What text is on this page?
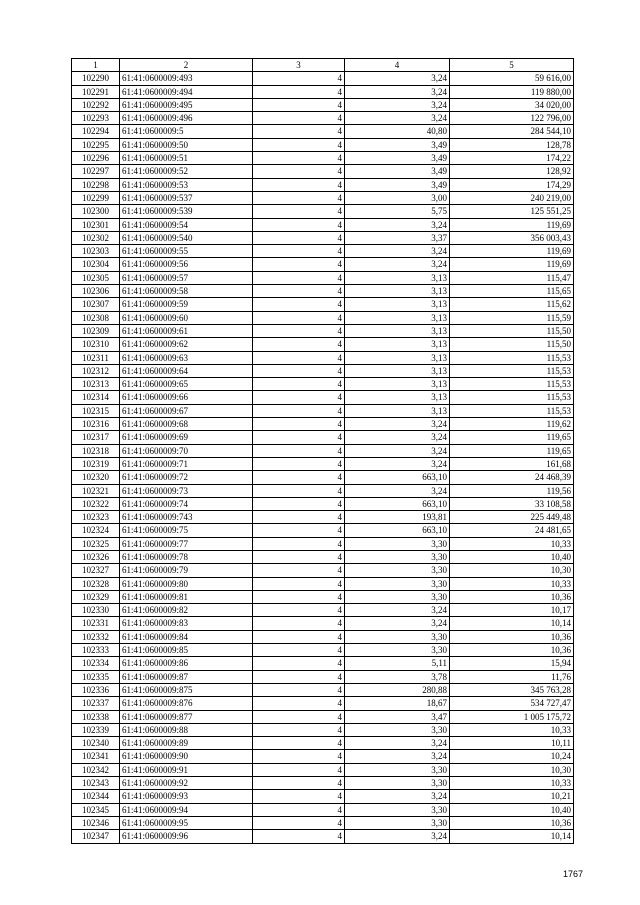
1	2	3	4	5
102290	61:41:0600009:493	4	3,24	59 616,00
102291	61:41:0600009:494	4	3,24	119 880,00
102292	61:41:0600009:495	4	3,24	34 020,00
102293	61:41:0600009:496	4	3,24	122 796,00
102294	61:41:0600009:5	4	40,80	284 544,10
102295	61:41:0600009:50	4	3,49	128,78
102296	61:41:0600009:51	4	3,49	174,22
102297	61:41:0600009:52	4	3,49	128,92
102298	61:41:0600009:53	4	3,49	174,29
102299	61:41:0600009:537	4	3,00	240 219,00
102300	61:41:0600009:539	4	5,75	125 551,25
102301	61:41:0600009:54	4	3,24	119,69
102302	61:41:0600009:540	4	3,37	356 003,43
102303	61:41:0600009:55	4	3,24	119,69
102304	61:41:0600009:56	4	3,24	119,69
102305	61:41:0600009:57	4	3,13	115,47
102306	61:41:0600009:58	4	3,13	115,65
102307	61:41:0600009:59	4	3,13	115,62
102308	61:41:0600009:60	4	3,13	115,59
102309	61:41:0600009:61	4	3,13	115,50
102310	61:41:0600009:62	4	3,13	115,50
102311	61:41:0600009:63	4	3,13	115,53
102312	61:41:0600009:64	4	3,13	115,53
102313	61:41:0600009:65	4	3,13	115,53
102314	61:41:0600009:66	4	3,13	115,53
102315	61:41:0600009:67	4	3,13	115,53
102316	61:41:0600009:68	4	3,24	119,62
102317	61:41:0600009:69	4	3,24	119,65
102318	61:41:0600009:70	4	3,24	119,65
102319	61:41:0600009:71	4	3,24	161,68
102320	61:41:0600009:72	4	663,10	24 468,39
102321	61:41:0600009:73	4	3,24	119,56
102322	61:41:0600009:74	4	663,10	33 108,58
102323	61:41:0600009:743	4	193,81	225 449,48
102324	61:41:0600009:75	4	663,10	24 481,65
102325	61:41:0600009:77	4	3,30	10,33
102326	61:41:0600009:78	4	3,30	10,40
102327	61:41:0600009:79	4	3,30	10,30
102328	61:41:0600009:80	4	3,30	10,33
102329	61:41:0600009:81	4	3,30	10,36
102330	61:41:0600009:82	4	3,24	10,17
102331	61:41:0600009:83	4	3,24	10,14
102332	61:41:0600009:84	4	3,30	10,36
102333	61:41:0600009:85	4	3,30	10,36
102334	61:41:0600009:86	4	5,11	15,94
102335	61:41:0600009:87	4	3,78	11,76
102336	61:41:0600009:875	4	280,88	345 763,28
102337	61:41:0600009:876	4	18,67	534 727,47
102338	61:41:0600009:877	4	3,47	1 005 175,72
102339	61:41:0600009:88	4	3,30	10,33
102340	61:41:0600009:89	4	3,24	10,11
102341	61:41:0600009:90	4	3,24	10,24
102342	61:41:0600009:91	4	3,30	10,30
102343	61:41:0600009:92	4	3,30	10,33
102344	61:41:0600009:93	4	3,24	10,21
102345	61:41:0600009:94	4	3,30	10,40
102346	61:41:0600009:95	4	3,30	10,36
102347	61:41:0600009:96	4	3,24	10,14
1767
